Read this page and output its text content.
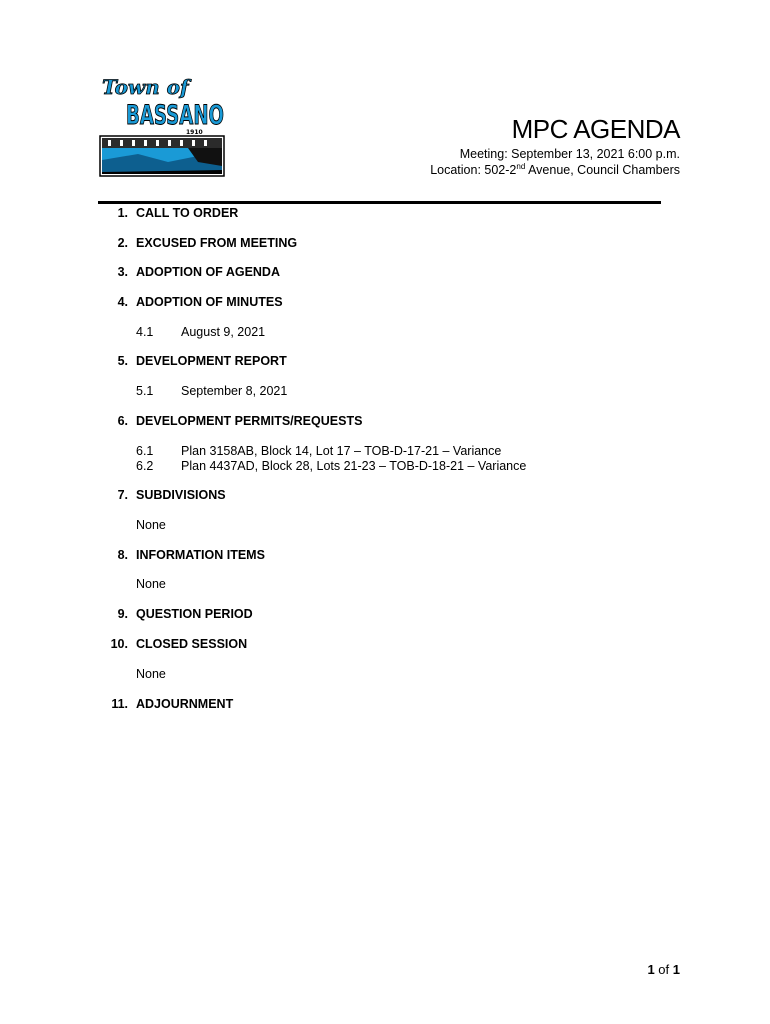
Town of
BASSANO
1910	MPC AGENDA
Meeting: September 13, 2021 6:00 p.m.
Location: 502-2nd Avenue, Council Chambers
1. CALL TO ORDER
2. EXCUSED FROM MEETING
3. ADOPTION OF AGENDA
4. ADOPTION OF MINUTES
4.1 August 9, 2021
5. DEVELOPMENT REPORT
5.1 September 8, 2021
6. DEVELOPMENT PERMITS/REQUESTS
6.1 Plan 3158AB, Block 14, Lot 17 – TOB-D-17-21 – Variance
6.2 Plan 4437AD, Block 28, Lots 21-23 – TOB-D-18-21 – Variance
7. SUBDIVISIONS
None
8. INFORMATION ITEMS
None
9. QUESTION PERIOD
10. CLOSED SESSION
None
11. ADJOURNMENT
1 of 1
